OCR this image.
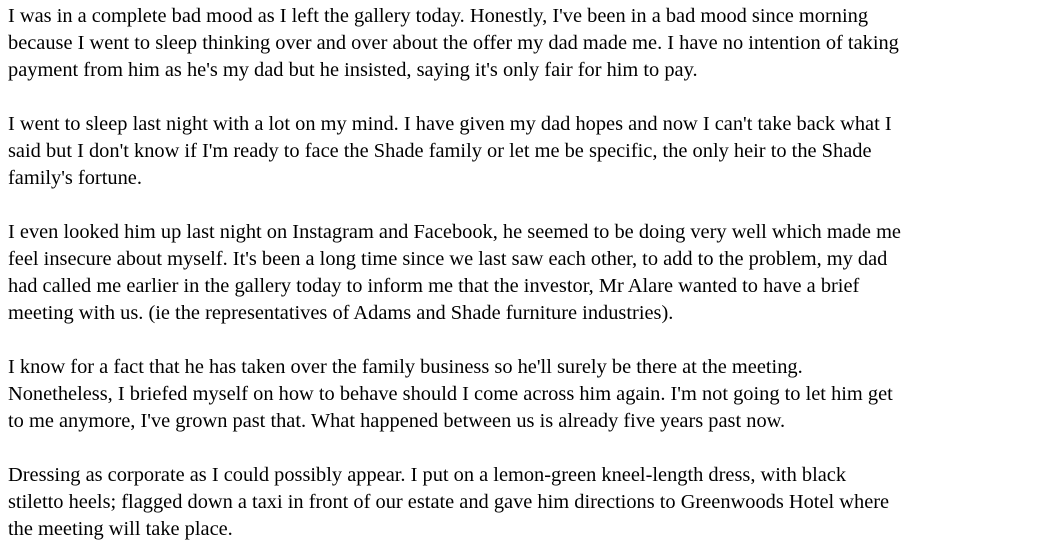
I was in a complete bad mood as I left the gallery today. Honestly, I've been in a bad mood since morning
because I went to sleep thinking over and over about the offer my dad made me. I have no intention of taking
payment from him as he's my dad but he insisted, saying it's only fair for him to pay.

I went to sleep last night with a lot on my mind. I have given my dad hopes and now I can't take back what I
said but I don't know if I'm ready to face the Shade family or let me be specific, the only heir to the Shade
family's fortune.

I even looked him up last night on Instagram and Facebook, he seemed to be doing very well which made me
feel insecure about myself. It's been a long time since we last saw each other, to add to the problem, my dad
had called me earlier in the gallery today to inform me that the investor, Mr Alare wanted to have a brief
meeting with us. (ie the representatives of Adams and Shade furniture industries).

I know for a fact that he has taken over the family business so he'll surely be there at the meeting.
Nonetheless, I briefed myself on how to behave should I come across him again. I'm not going to let him get
to me anymore, I've grown past that. What happened between us is already five years past now.

Dressing as corporate as I could possibly appear. I put on a lemon-green kneel-length dress, with black
stiletto heels; flagged down a taxi in front of our estate and gave him directions to Greenwoods Hotel where
the meeting will take place.
